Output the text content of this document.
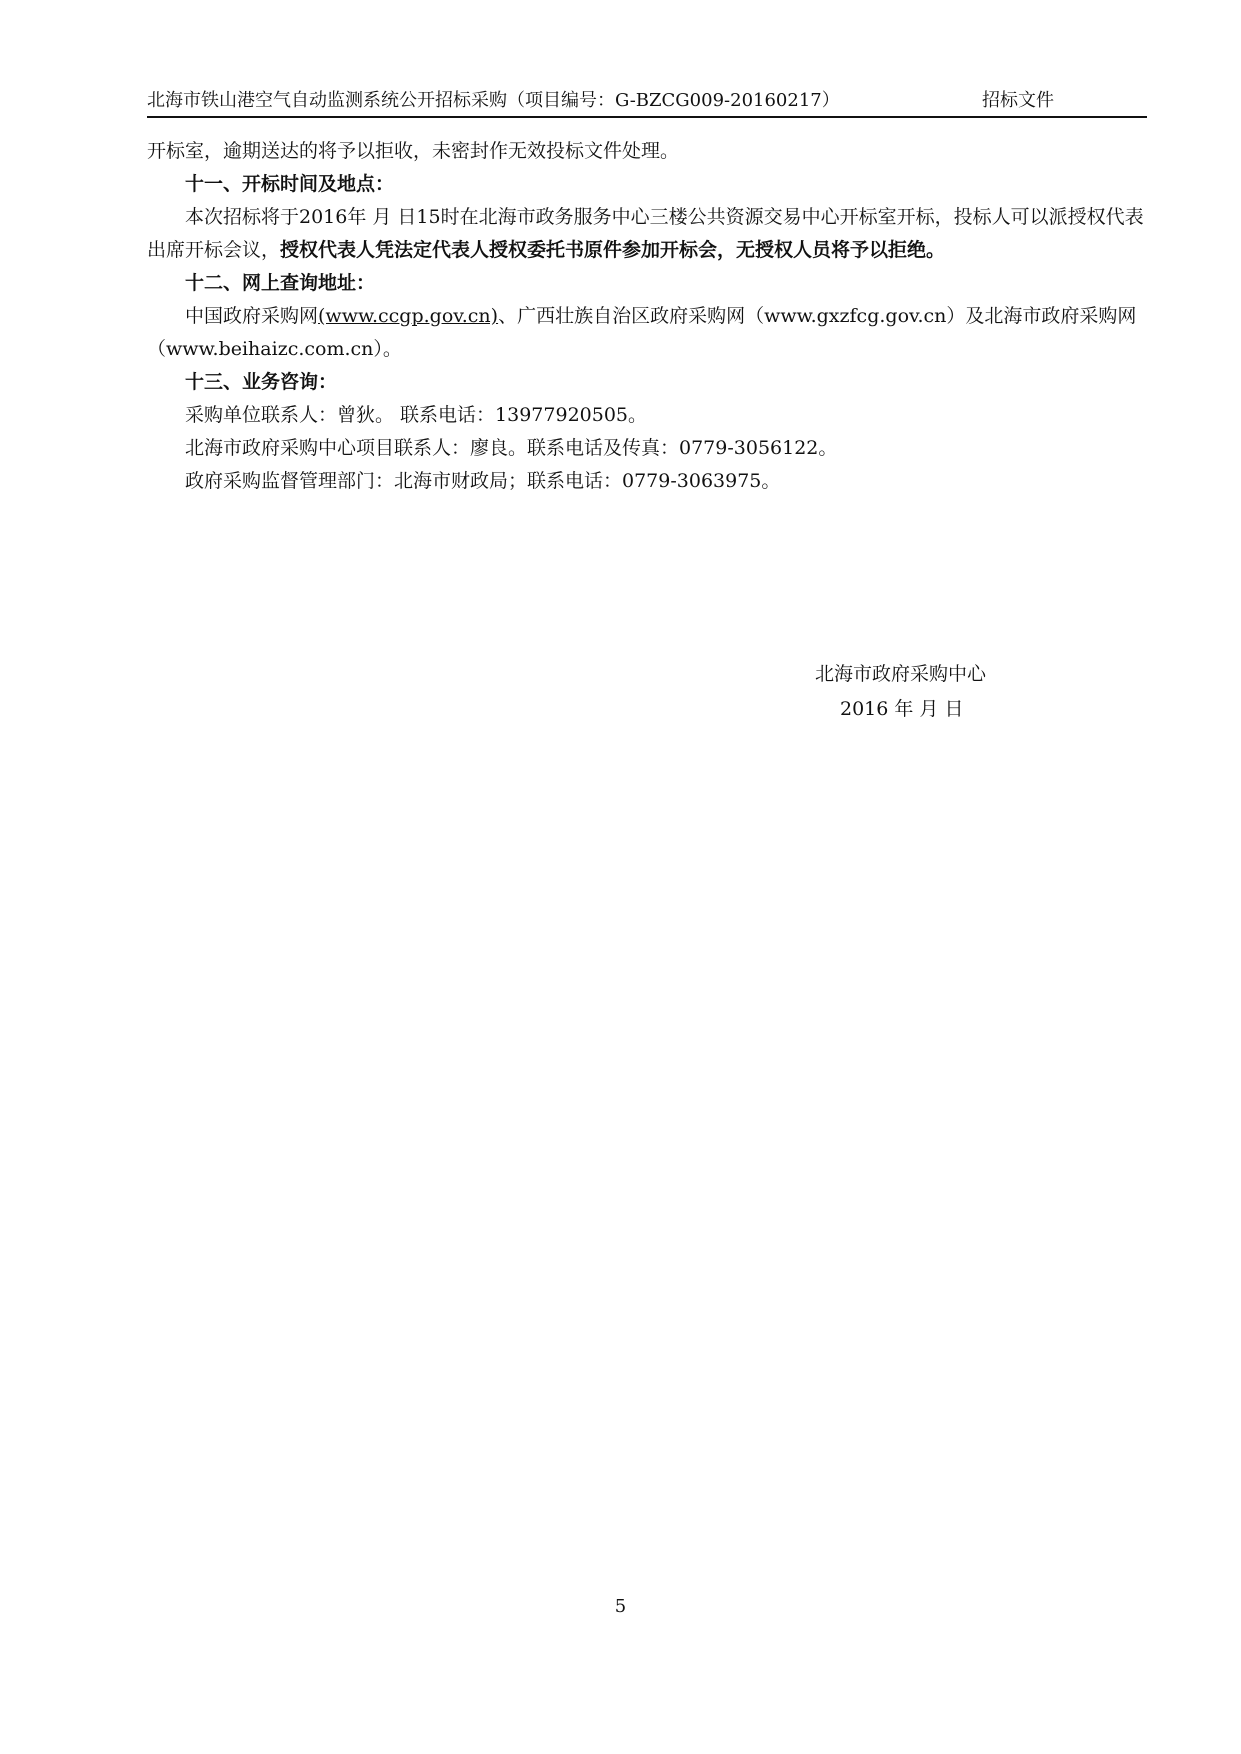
北海市铁山港空气自动监测系统公开招标采购（项目编号：G-BZCG009-20160217）	招标文件

开标室，逾期送达的将予以拒收，未密封作无效投标文件处理。

十一、开标时间及地点：

本次招标将于2016年 月 日15时在北海市政务服务中心三楼公共资源交易中心开标室开标，投标人可以派授权代表出席开标会议，授权代表人凭法定代表人授权委托书原件参加开标会，无授权人员将予以拒绝。

十二、网上查询地址：

中国政府采购网(www.ccgp.gov.cn)、广西壮族自治区政府采购网（www.gxzfcg.gov.cn）及北海市政府采购网（www.beihaizc.com.cn）。

十三、业务咨询：

采购单位联系人：曾狄。 联系电话：13977920505。

北海市政府采购中心项目联系人：廖良。联系电话及传真：0779-3056122。

政府采购监督管理部门：北海市财政局；联系电话：0779-3063975。

北海市政府采购中心
2016 年 月 日
5
